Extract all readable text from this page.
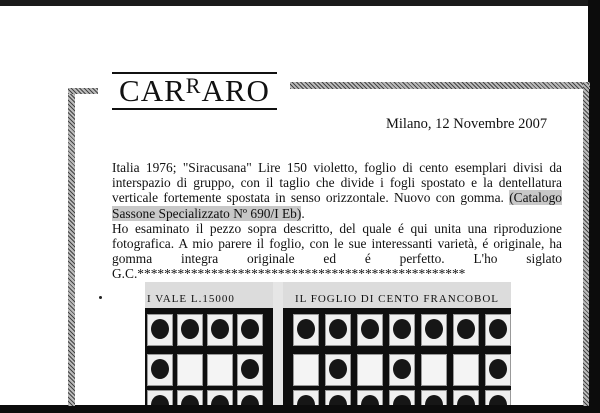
$CAR^RARO$
Milano, 12 Novembre 2007

Italia 1976; "Siracusana" Lire 150 violetto, foglio di cento esemplari divisi da interspazio di gruppo, con il taglio che divide i fogli spostato e la dentellatura verticale fortemente spostata in senso orizzontale. Nuovo con gomma. (Catalogo Sassone Specializzato Nº 690/I Eb).

Ho esaminato il pezzo sopra descritto, del quale é qui unita una riproduzione fotografica. A mio parere il foglio, con le sue interessanti varietà, é originale, ha gomma integra originale ed é perfetto. L'ho siglato G.C.*************************************************

I VALE L.15000	IL FOGLIO DI CENTO FRANCOBOL
